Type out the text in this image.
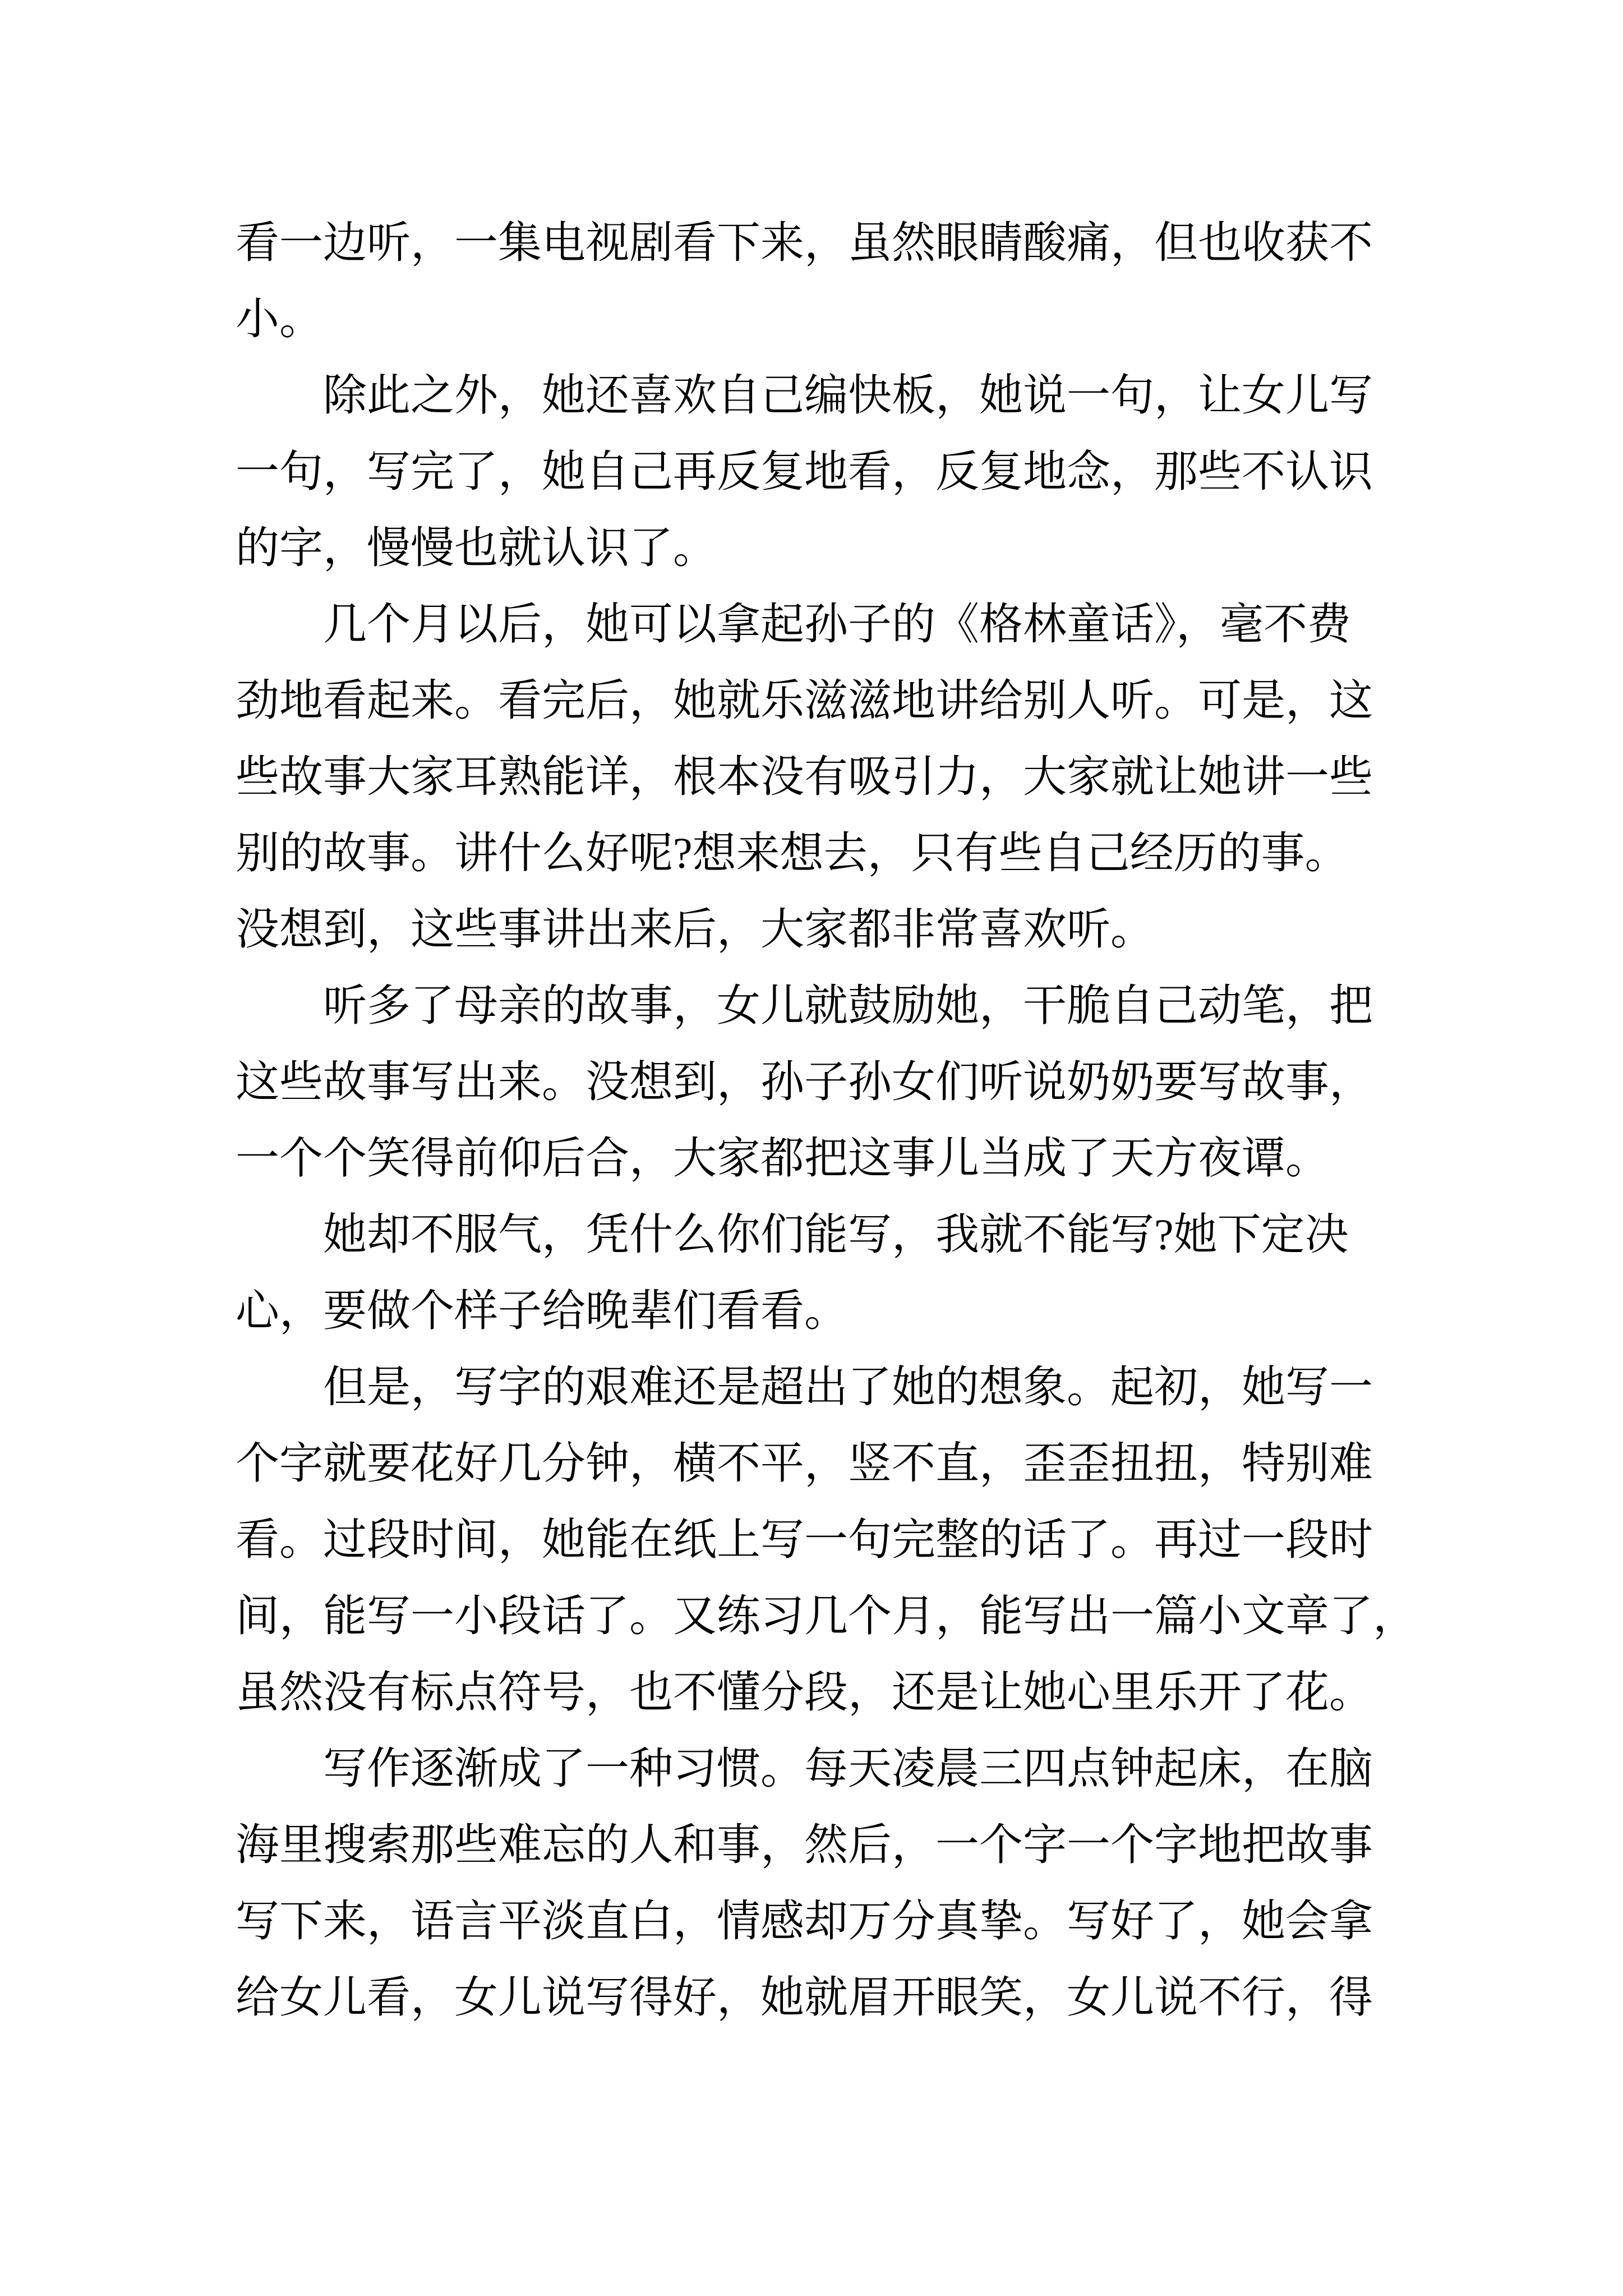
看一边听，一集电视剧看下来，虽然眼睛酸痛，但也收获不
小。
除此之外，她还喜欢自己编快板，她说一句，让女儿写
一句，写完了，她自己再反复地看，反复地念，那些不认识
的字，慢慢也就认识了。
几个月以后，她可以拿起孙子的《格林童话》，毫不费
劲地看起来。看完后，她就乐滋滋地讲给别人听。可是，这
些故事大家耳熟能详，根本没有吸引力，大家就让她讲一些
别的故事。讲什么好呢?想来想去，只有些自己经历的事。
没想到，这些事讲出来后，大家都非常喜欢听。
听多了母亲的故事，女儿就鼓励她，干脆自己动笔，把
这些故事写出来。没想到，孙子孙女们听说奶奶要写故事，
一个个笑得前仰后合，大家都把这事儿当成了天方夜谭。
她却不服气，凭什么你们能写，我就不能写?她下定决
心，要做个样子给晚辈们看看。
但是，写字的艰难还是超出了她的想象。起初，她写一
个字就要花好几分钟，横不平，竖不直，歪歪扭扭，特别难
看。过段时间，她能在纸上写一句完整的话了。再过一段时
间，能写一小段话了。又练习几个月，能写出一篇小文章了，
虽然没有标点符号，也不懂分段，还是让她心里乐开了花。
写作逐渐成了一种习惯。每天凌晨三四点钟起床，在脑
海里搜索那些难忘的人和事，然后，一个字一个字地把故事
写下来，语言平淡直白，情感却万分真挚。写好了，她会拿
给女儿看，女儿说写得好，她就眉开眼笑，女儿说不行，得
